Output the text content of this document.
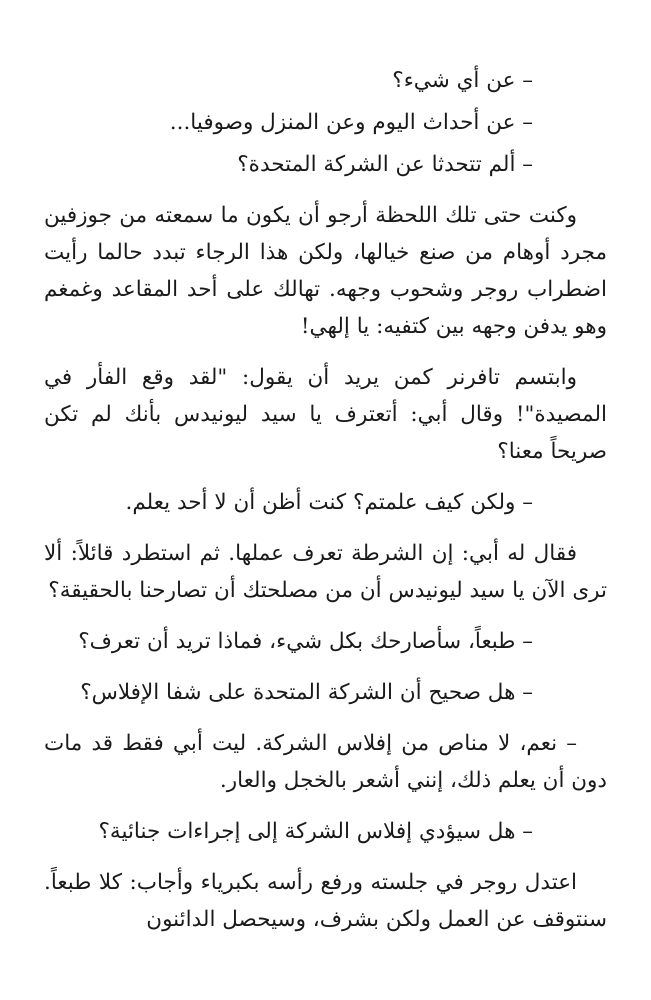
– عن أي شيء؟

– عن أحداث اليوم وعن المنزل وصوفيا...

– ألم تتحدثا عن الشركة المتحدة؟

وكنت حتى تلك اللحظة أرجو أن يكون ما سمعته من جوزفين مجرد أوهام من صنع خيالها، ولكن هذا الرجاء تبدد حالما رأيت اضطراب روجر وشحوب وجهه. تهالك على أحد المقاعد وغمغم وهو يدفن وجهه بين كتفيه: يا إلهي!

وابتسم تافرنر كمن يريد أن يقول: "لقد وقع الفأر في المصيدة"! وقال أبي: أتعترف يا سيد ليونيدس بأنك لم تكن صريحاً معنا؟

– ولكن كيف علمتم؟ كنت أظن أن لا أحد يعلم.

فقال له أبي: إن الشرطة تعرف عملها. ثم استطرد قائلاً: ألا ترى الآن يا سيد ليونيدس أن من مصلحتك أن تصارحنا بالحقيقة؟

– طبعاً، سأصارحك بكل شيء، فماذا تريد أن تعرف؟

– هل صحيح أن الشركة المتحدة على شفا الإفلاس؟

– نعم، لا مناص من إفلاس الشركة. ليت أبي فقط قد مات دون أن يعلم ذلك، إنني أشعر بالخجل والعار.

– هل سيؤدي إفلاس الشركة إلى إجراءات جنائية؟

اعتدل روجر في جلسته ورفع رأسه بكبرياء وأجاب: كلا طبعاً. سنتوقف عن العمل ولكن بشرف، وسيحصل الدائنون
